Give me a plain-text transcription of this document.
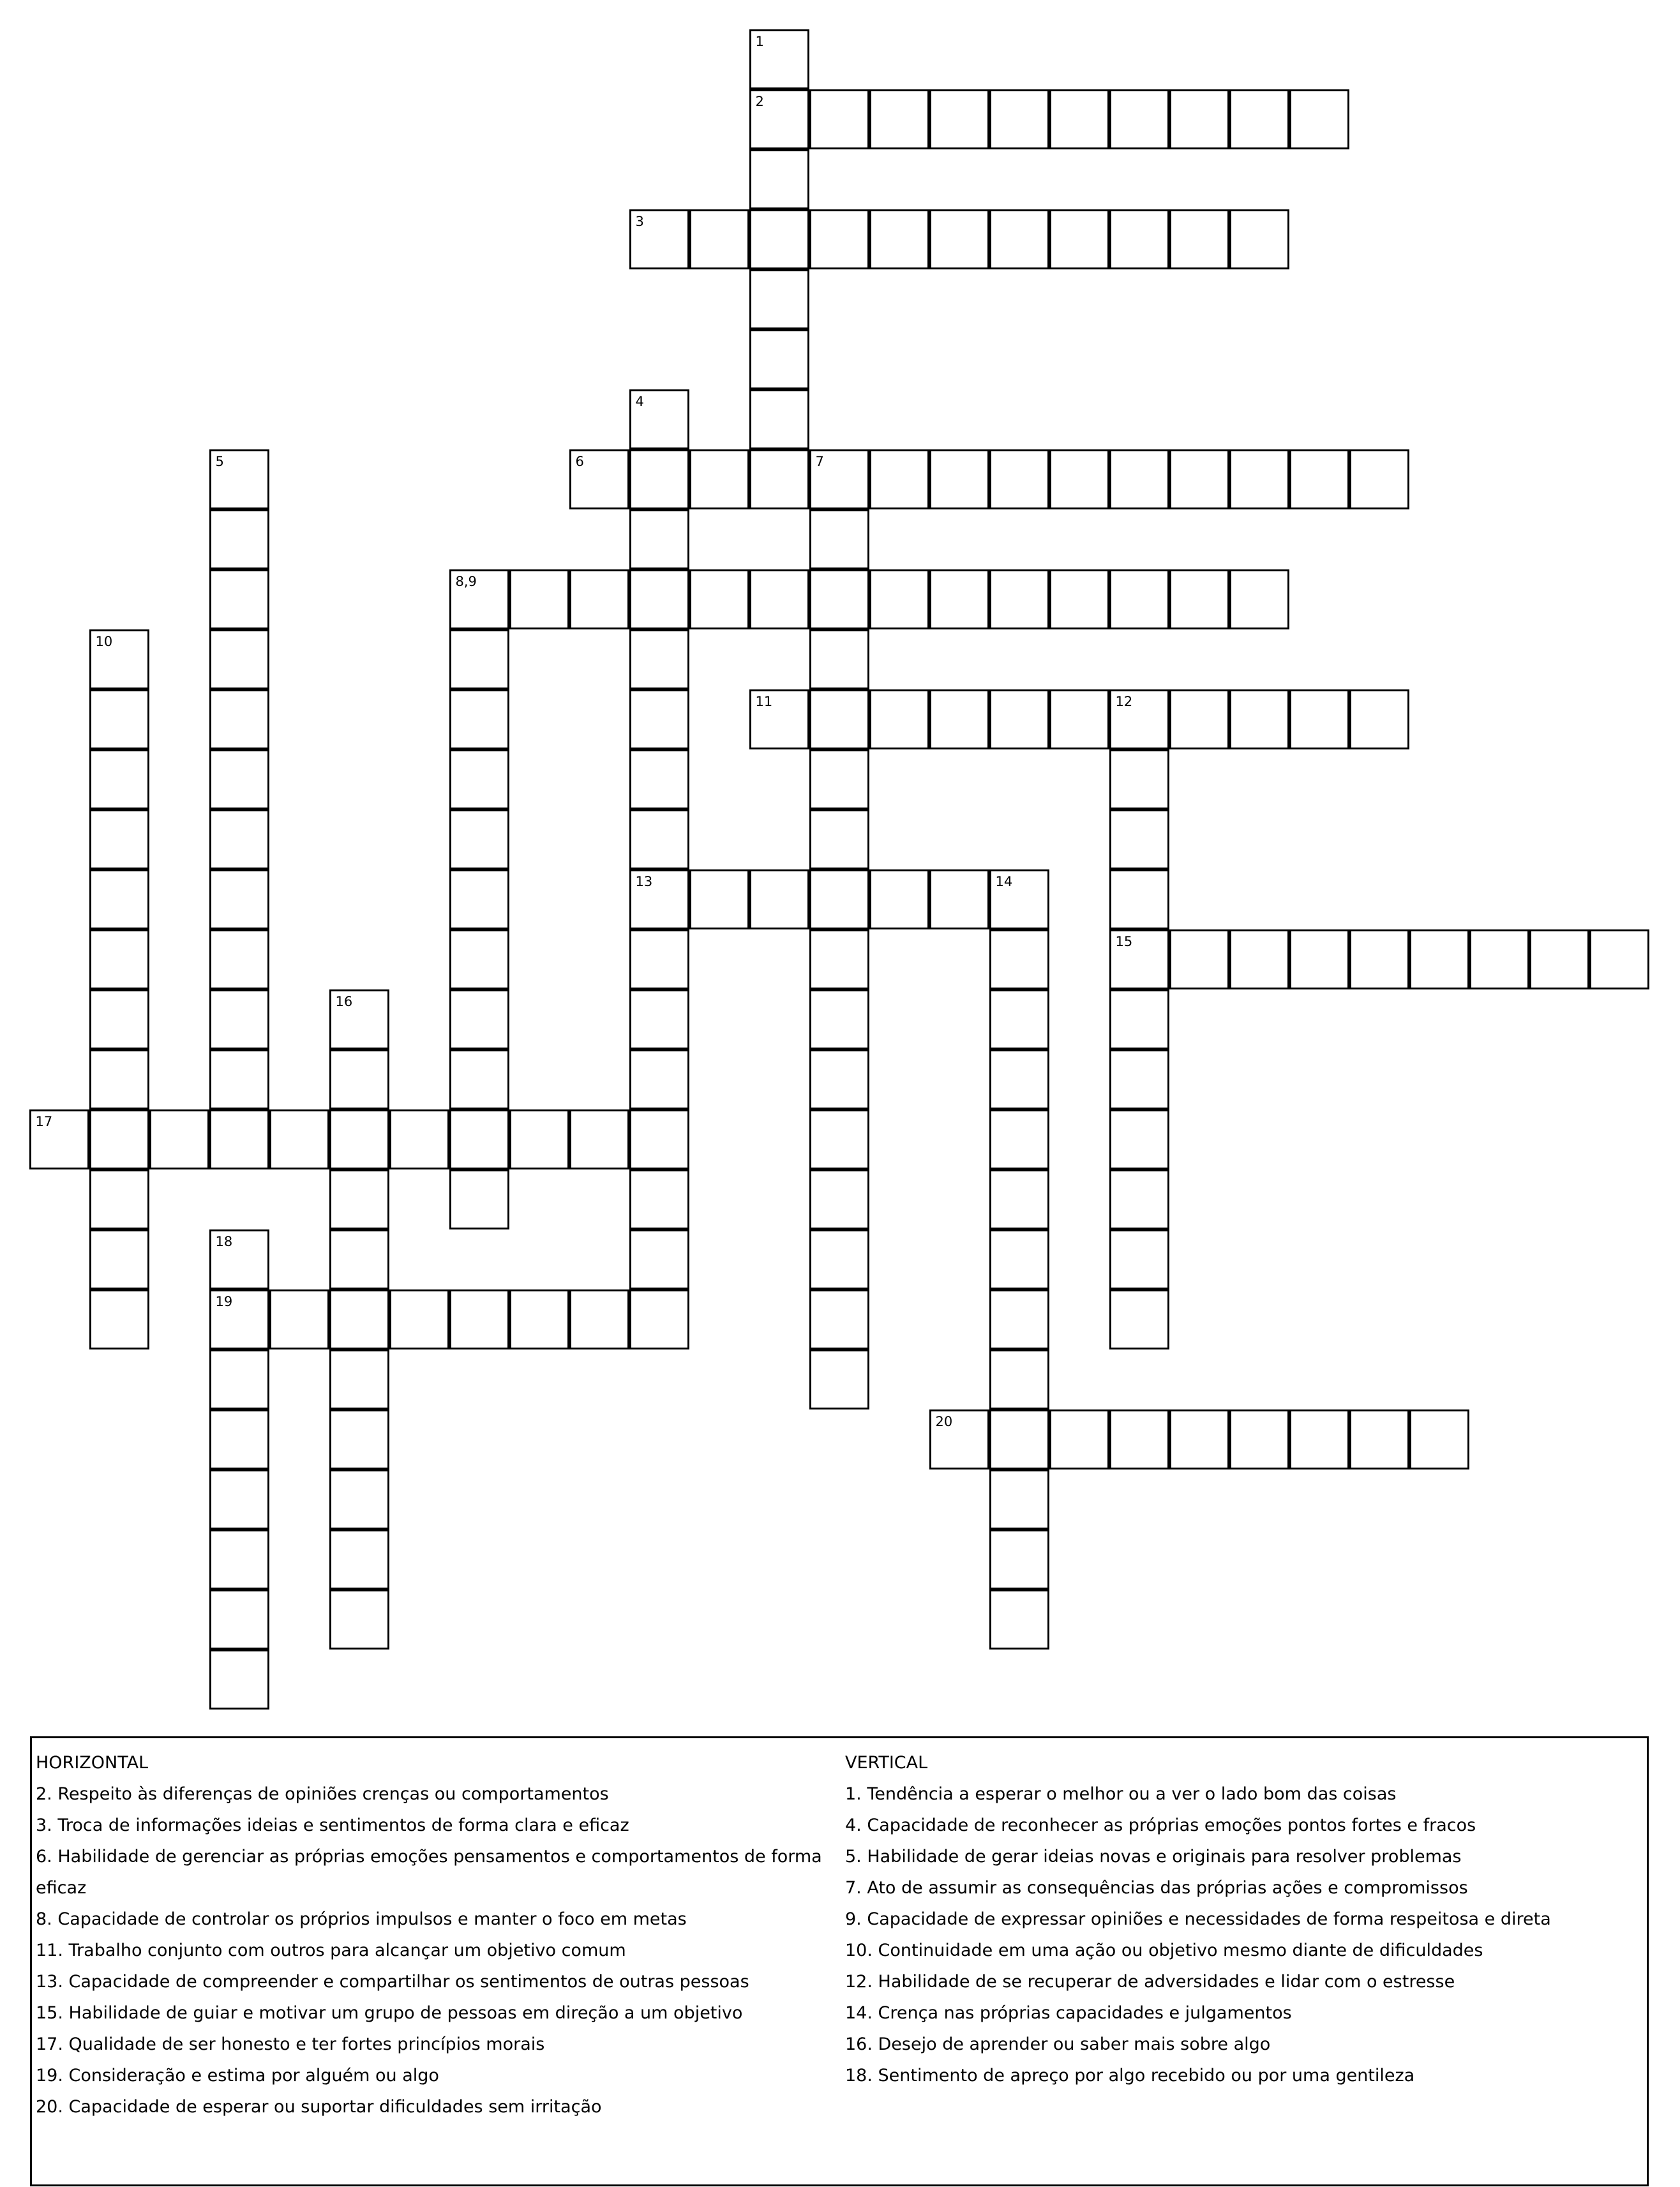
2
3
6	7
8,9
11	12
13	14
15
17
19
20
1
4
5
10
16
18
HORIZONTAL
2. Respeito às diferenças de opiniões crenças ou comportamentos
3. Troca de informações ideias e sentimentos de forma clara e eficaz
6. Habilidade de gerenciar as próprias emoções pensamentos e comportamentos de forma eficaz
8. Capacidade de controlar os próprios impulsos e manter o foco em metas
11. Trabalho conjunto com outros para alcançar um objetivo comum
13. Capacidade de compreender e compartilhar os sentimentos de outras pessoas
15. Habilidade de guiar e motivar um grupo de pessoas em direção a um objetivo
17. Qualidade de ser honesto e ter fortes princípios morais
19. Consideração e estima por alguém ou algo
20. Capacidade de esperar ou suportar dificuldades sem irritação
VERTICAL
1. Tendência a esperar o melhor ou a ver o lado bom das coisas
4. Capacidade de reconhecer as próprias emoções pontos fortes e fracos
5. Habilidade de gerar ideias novas e originais para resolver problemas
7. Ato de assumir as consequências das próprias ações e compromissos
9. Capacidade de expressar opiniões e necessidades de forma respeitosa e direta
10. Continuidade em uma ação ou objetivo mesmo diante de dificuldades
12. Habilidade de se recuperar de adversidades e lidar com o estresse
14. Crença nas próprias capacidades e julgamentos
16. Desejo de aprender ou saber mais sobre algo
18. Sentimento de apreço por algo recebido ou por uma gentileza
